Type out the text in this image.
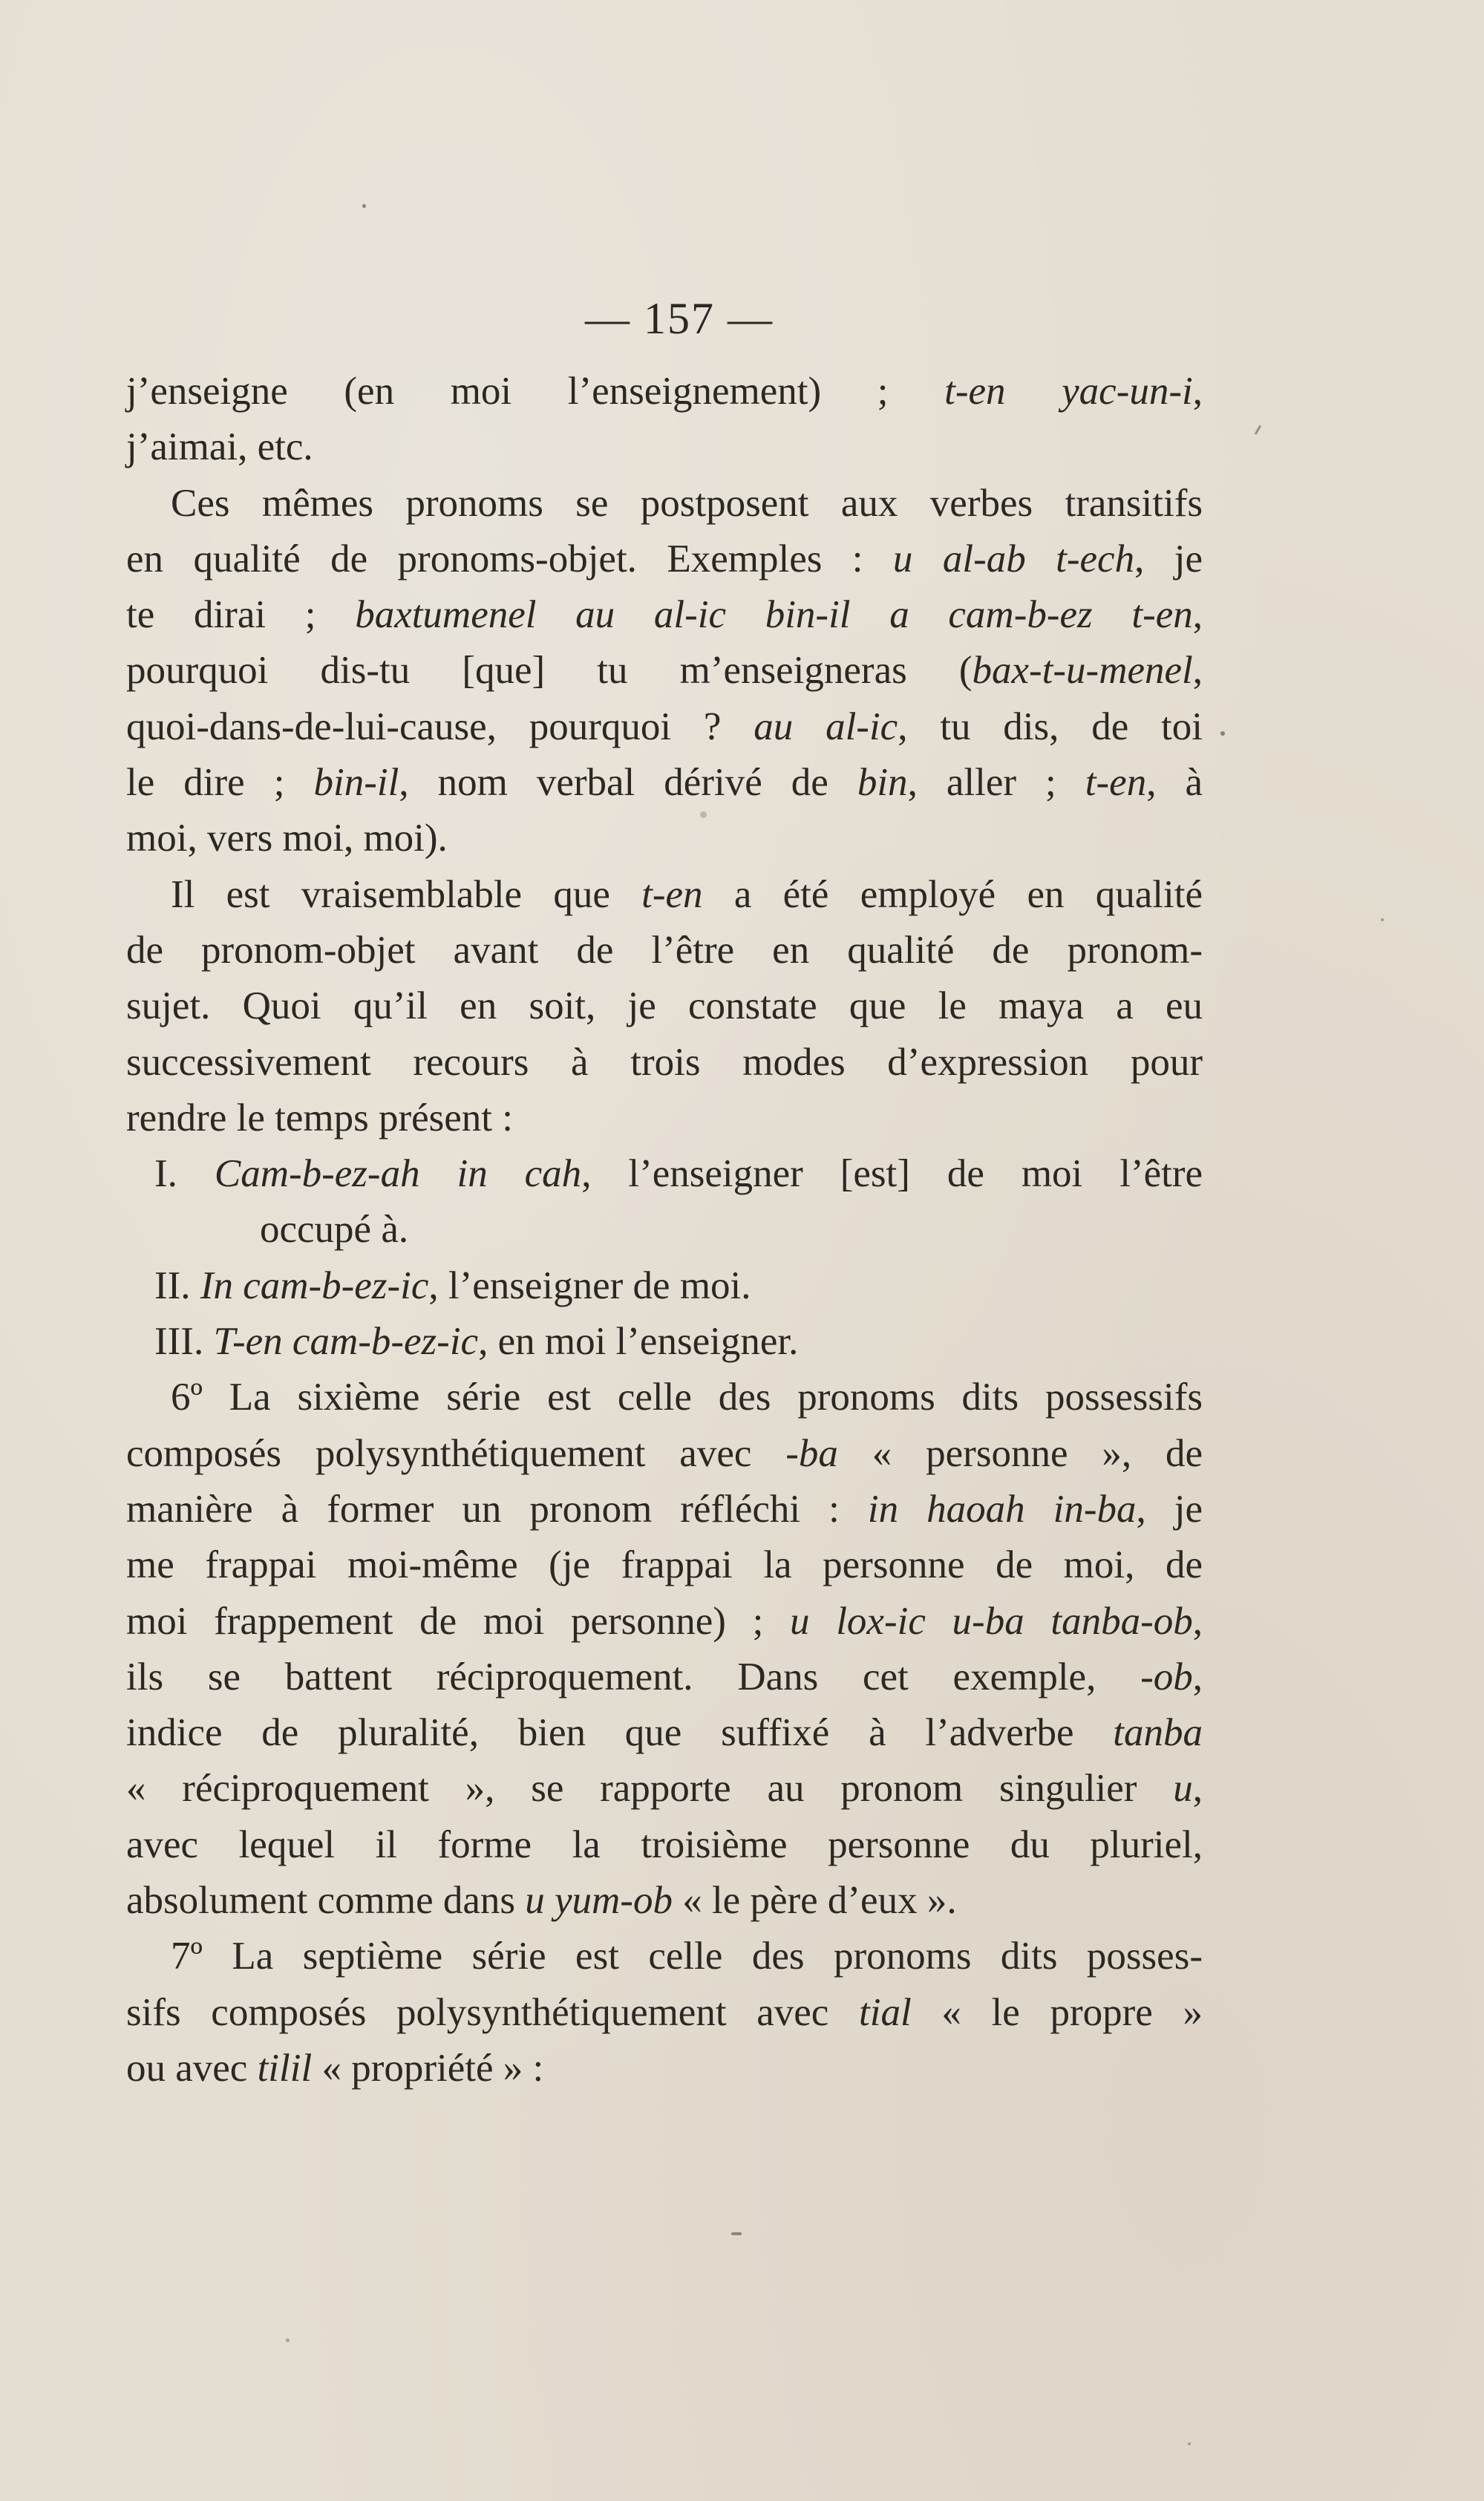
— 157 —
j’enseigne (en moi l’enseignement) ; t-en yac-un-i,
j’aimai, etc.
Ces mêmes pronoms se postposent aux verbes transitifs
en qualité de pronoms-objet. Exemples : u al-ab t-ech, je
te dirai ; baxtumenel au al-ic bin-il a cam-b-ez t-en,
pourquoi dis-tu [que] tu m’enseigneras (bax-t-u-menel,
quoi-dans-de-lui-cause, pourquoi ? au al-ic, tu dis, de toi
le dire ; bin-il, nom verbal dérivé de bin, aller ; t-en, à
moi, vers moi, moi).
Il est vraisemblable que t-en a été employé en qualité
de pronom-objet avant de l’être en qualité de pronom-
sujet. Quoi qu’il en soit, je constate que le maya a eu
successivement recours à trois modes d’expression pour
rendre le temps présent :
I. Cam-b-ez-ah in cah, l’enseigner [est] de moi l’être
occupé à.
II. In cam-b-ez-ic, l’enseigner de moi.
III. T-en cam-b-ez-ic, en moi l’enseigner.
6º La sixième série est celle des pronoms dits possessifs
composés polysynthétiquement avec -ba « personne », de
manière à former un pronom réfléchi : in haoah in-ba, je
me frappai moi-même (je frappai la personne de moi, de
moi frappement de moi personne) ; u lox-ic u-ba tanba-ob,
ils se battent réciproquement. Dans cet exemple, -ob,
indice de pluralité, bien que suffixé à l’adverbe tanba
« réciproquement », se rapporte au pronom singulier u,
avec lequel il forme la troisième personne du pluriel,
absolument comme dans u yum-ob « le père d’eux ».
7º La septième série est celle des pronoms dits posses-
sifs composés polysynthétiquement avec tial « le propre »
ou avec tilil « propriété » :
